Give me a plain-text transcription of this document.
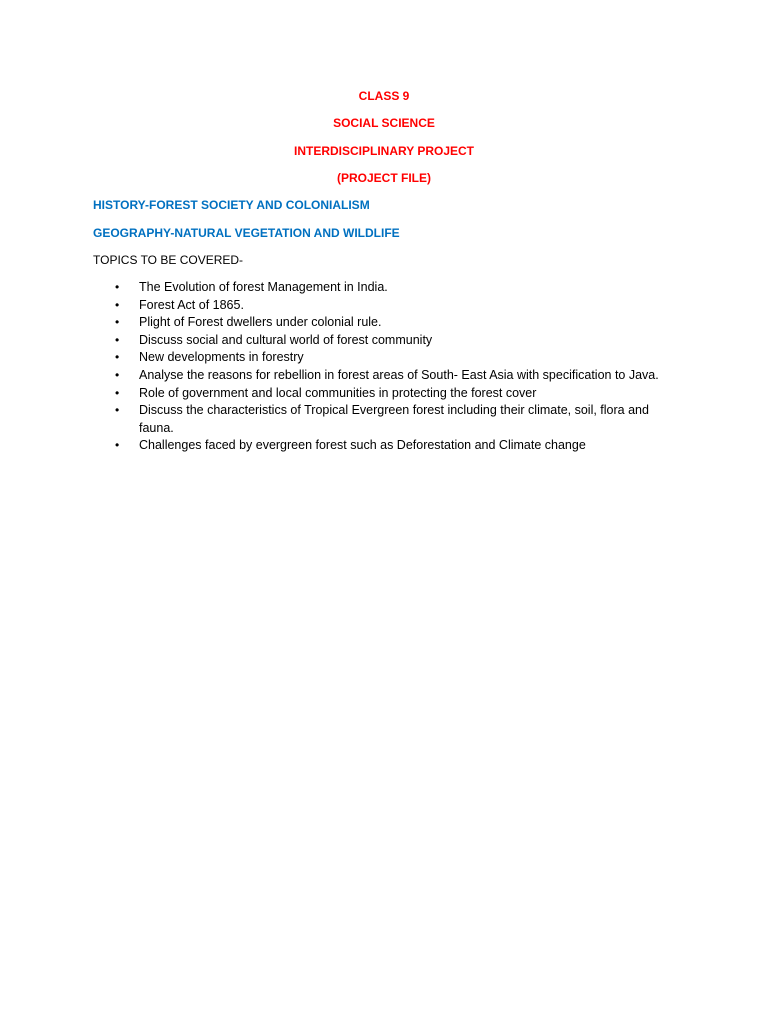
CLASS 9
SOCIAL SCIENCE
INTERDISCIPLINARY PROJECT
(PROJECT FILE)
HISTORY-FOREST SOCIETY AND COLONIALISM
GEOGRAPHY-NATURAL VEGETATION AND WILDLIFE
TOPICS TO BE COVERED-
• The Evolution of forest Management in India.
• Forest Act of 1865.
• Plight of Forest dwellers under colonial rule.
• Discuss social and cultural world of forest community
• New developments in forestry
• Analyse the reasons for rebellion in forest areas of South- East Asia with specification to Java.
• Role of government and local communities in protecting the forest cover
• Discuss the characteristics of Tropical Evergreen forest including their climate, soil, flora and fauna.
• Challenges faced by evergreen forest such as Deforestation and Climate change
